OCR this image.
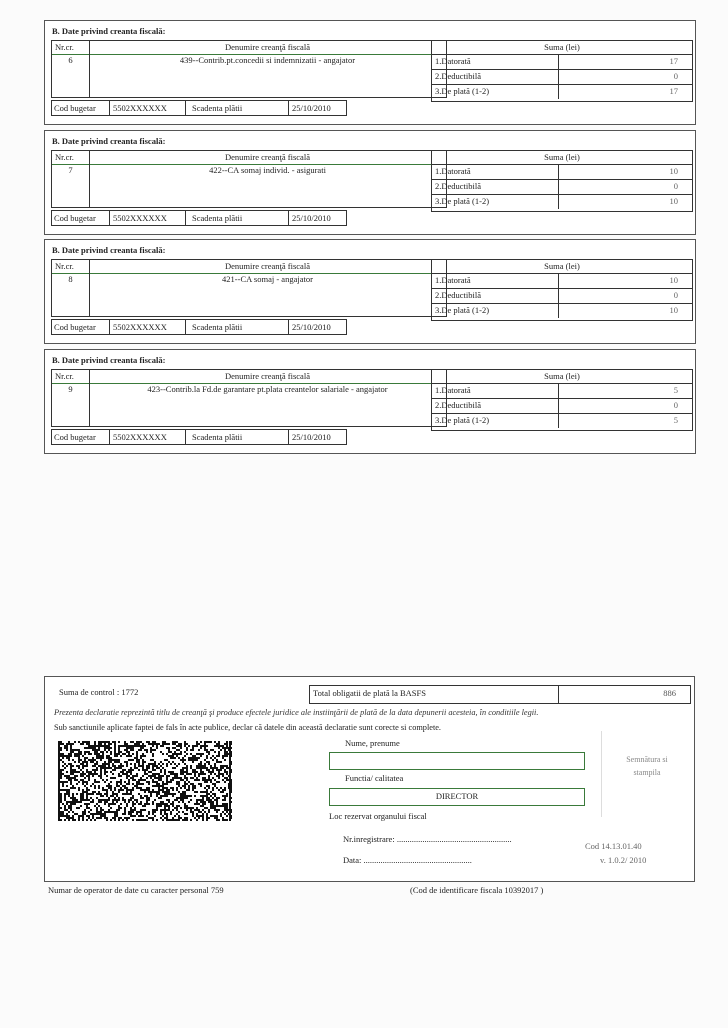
B. Date privind creanta fiscală:
Nr.cr.	Denumire creanţă fiscală
6	439--Contrib.pt.concedii si indemnizatii - angajator
Cod bugetar 5502XXXXXX	Scadenta plătii	25/10/2010
Suma (lei)
1.Datorată	17
2.Deductibilă	0
3.De plată (1-2)	17
B. Date privind creanta fiscală:
Nr.cr.	Denumire creanţă fiscală
7	422--CA somaj individ. - asigurati
Cod bugetar 5502XXXXXX	Scadenta plătii	25/10/2010
Suma (lei)
1.Datorată	10
2.Deductibilă	0
3.De plată (1-2)	10
B. Date privind creanta fiscală:
Nr.cr.	Denumire creanţă fiscală
8	421--CA somaj - angajator
Cod bugetar 5502XXXXXX	Scadenta plătii	25/10/2010
Suma (lei)
1.Datorată	10
2.Deductibilă	0
3.De plată (1-2)	10
B. Date privind creanta fiscală:
Nr.cr.	Denumire creanţă fiscală
9	423--Contrib.la Fd.de garantare pt.plata creantelor salariale - angajator
Cod bugetar 5502XXXXXX	Scadenta plătii	25/10/2010
Suma (lei)
1.Datorată	5
2.Deductibilă	0
3.De plată (1-2)	5
Suma de control : 1772	Total obligatii de plată la BASFS	886
Prezenta declaratie reprezintă titlu de creanţă şi produce efectele juridice ale instiinţării de plată de la data depunerii acesteia, în conditiile legii.
Sub sanctiunile aplicate faptei de fals în acte publice, declar că datele din această declaratie sunt corecte si complete.
Nume, prenume
Functia/ calitatea
DIRECTOR
Semnătura si stampila
Loc rezervat organului fiscal
Nr.inregistrare: ......................................................
Data: ...................................................
Cod 14.13.01.40
v. 1.0.2/ 2010
Numar de operator de date cu caracter personal 759	(Cod de identificare fiscala 10392017 )
